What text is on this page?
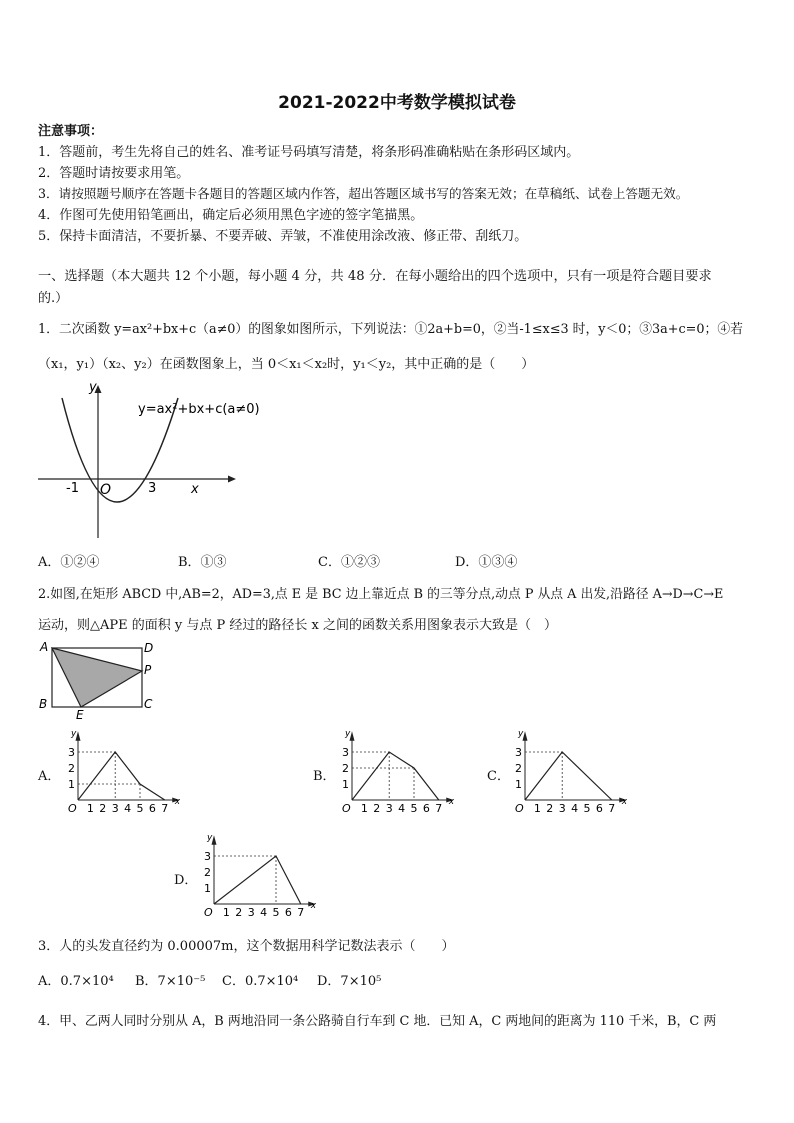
2021-2022中考数学模拟试卷
注意事项：
1．答题前，考生先将自己的姓名、准考证号码填写清楚，将条形码准确粘贴在条形码区域内。
2．答题时请按要求用笔。
3．请按照题号顺序在答题卡各题目的答题区域内作答，超出答题区域书写的答案无效；在草稿纸、试卷上答题无效。
4．作图可先使用铅笔画出，确定后必须用黑色字迹的签字笔描黑。
5．保持卡面清洁，不要折暴、不要弄破、弄皱，不准使用涂改液、修正带、刮纸刀。
一、选择题（本大题共 12 个小题，每小题 4 分，共 48 分．在每小题给出的四个选项中，只有一项是符合题目要求
的.）
1．二次函数 y=ax²+bx+c（a≠0）的图象如图所示，下列说法：①2a+b=0，②当-1≤x≤3 时，y＜0；③3a+c=0；④若
（x₁，y₁）（x₂、y₂）在函数图象上，当 0＜x₁＜x₂时，y₁＜y₂，其中正确的是（　　）
y
x
O
-1	3
y=ax²+bx+c(a≠0)
A．①②④	B．①③	C．①②③	D．①③④
2.如图,在矩形 ABCD 中,AB=2，AD=3,点 E 是 BC 边上靠近点 B 的三等分点,动点 P 从点 A 出发,沿路径 A→D→C→E
运动，则△APE 的面积 y 与点 P 经过的路径长 x 之间的函数关系用图象表示大致是（　）
A	D
P
B	C
E
A．	B．	C．
D．
y
x
O
1
2
3
1 2 3 4 5 6 7
y
x
O
1
2
3
1 2 3 4 5 6 7
y
x
O
1
2
3
1 2 3 4 5 6 7
y
x
O
1
2
3
1 2 3 4 5 6 7
3．人的头发直径约为 0.00007m，这个数据用科学记数法表示（　　）
A．0.7×10⁴ B．7×10⁻⁵ C．0.7×10⁴ D．7×10⁵
4．甲、乙两人同时分别从 A，B 两地沿同一条公路骑自行车到 C 地．已知 A，C 两地间的距离为 110 千米，B，C 两
